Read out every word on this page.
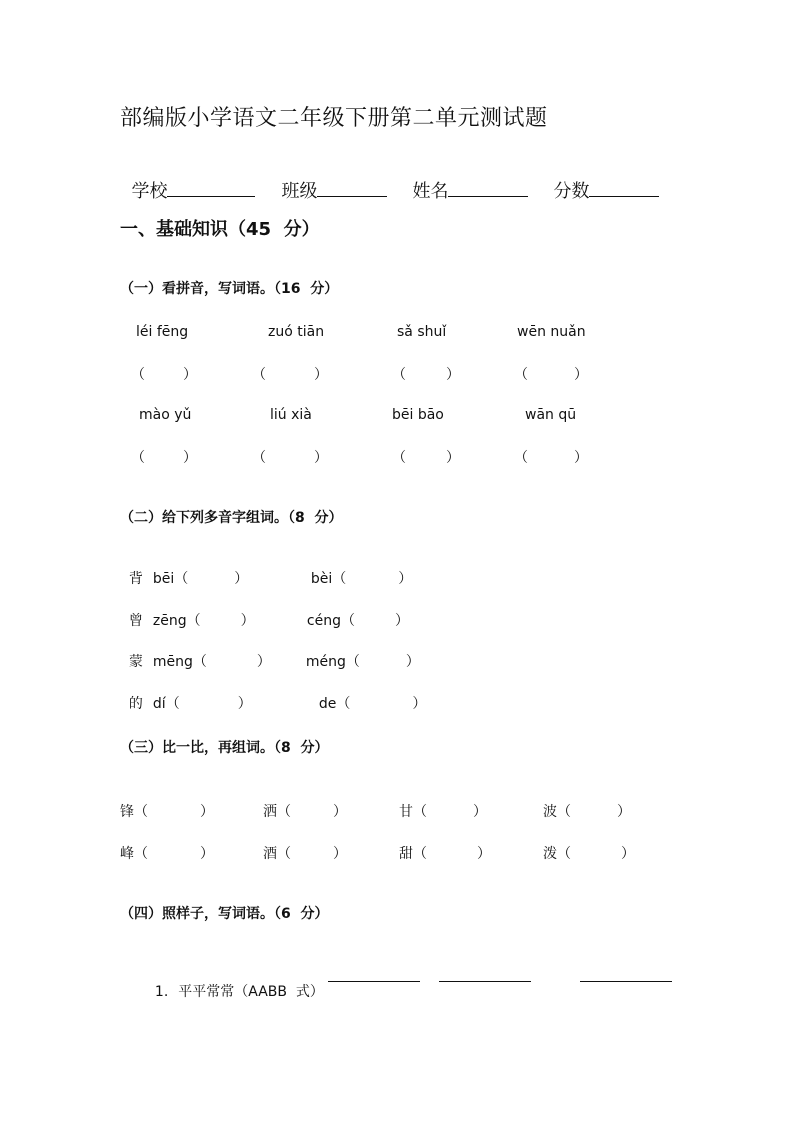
部编版小学语文二年级下册第二单元测试题

学校	班级	姓名	分数

一、基础知识（45  分）
（一）看拼音，写词语。（16  分）
léi fēng	zuó tiān	sǎ shuǐ	wēn nuǎn
（	）	（	）	（	）	（	）
mào yǔ	liú xià	bēi bāo	wān qū
（	）	（	）	（	）	（	）
（二）给下列多音字组词。（8  分）

背 bēi（	）	bèi（	）

曾 zēng（	）	céng（	）

蒙 mēng（	）	méng（	）

的 dí（	）	de（	）

（三）比一比，再组词。（8  分）
锋（	）	洒（	）	甘（	）	波（	）
峰（	）	酒（	）	甜（	）	泼（	）
（四）照样子，写词语。（6  分）

1. 平平常常（AABB  式）
